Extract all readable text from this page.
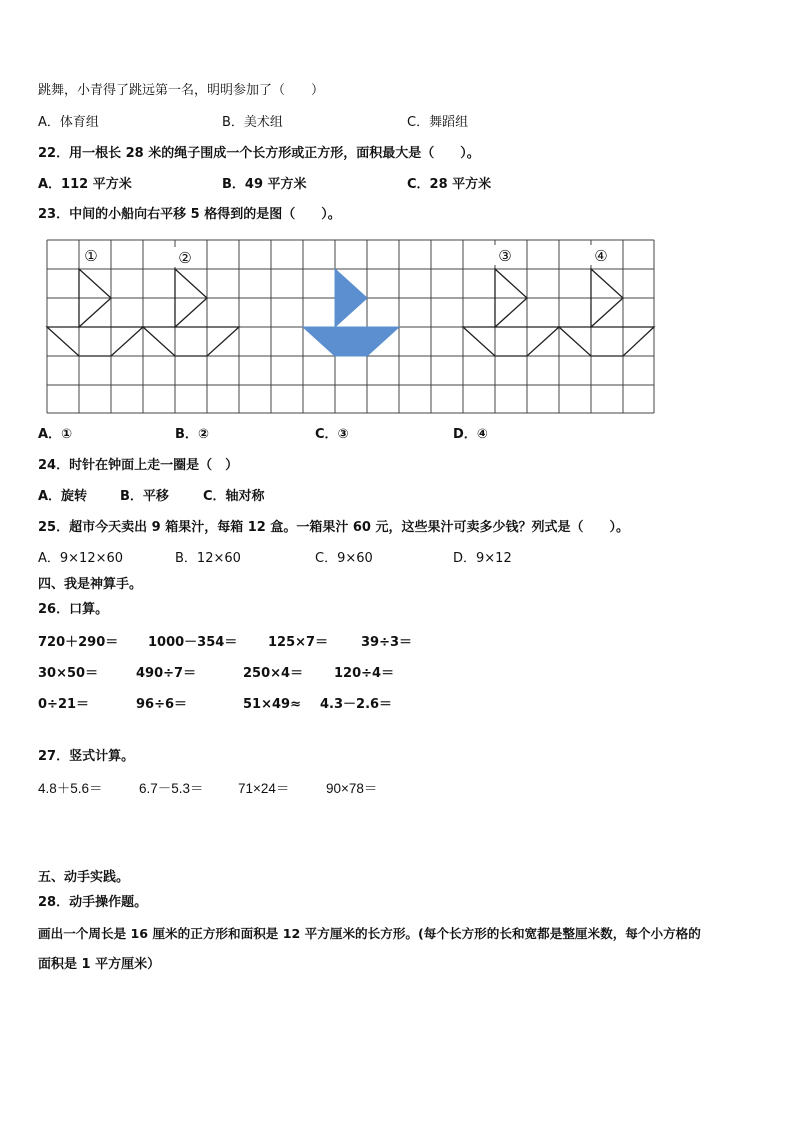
跳舞，小青得了跳远第一名，明明参加了（　　）
A．体育组	B．美术组	C．舞蹈组
22．用一根长 28 米的绳子围成一个长方形或正方形，面积最大是（　　）。
A．112 平方米	B．49 平方米	C．28 平方米
23．中间的小船向右平移 5 格得到的是图（　　）。
①	②	③	④
A．①	B．②	C．③	D．④
24．时针在钟面上走一圈是（　）
A．旋转	B．平移	C．轴对称
25．超市今天卖出 9 箱果汁，每箱 12 盒。一箱果汁 60 元，这些果汁可卖多少钱？列式是（　　）。
A．9×12×60	B．12×60	C．9×60	D．9×12
四、我是神算手。
26．口算。
720＋290＝ 1000－354＝ 125×7＝	39÷3＝
30×50＝	490÷7＝	250×4＝ 120÷4＝
0÷21＝	96÷6＝	51×49≈ 4.3－2.6＝
27．竖式计算。
4.8＋5.6＝	6.7－5.3＝	71×24＝	90×78＝
五、动手实践。
28．动手操作题。
画出一个周长是 16 厘米的正方形和面积是 12 平方厘米的长方形。(每个长方形的长和宽都是整厘米数，每个小方格的
面积是 1 平方厘米）
